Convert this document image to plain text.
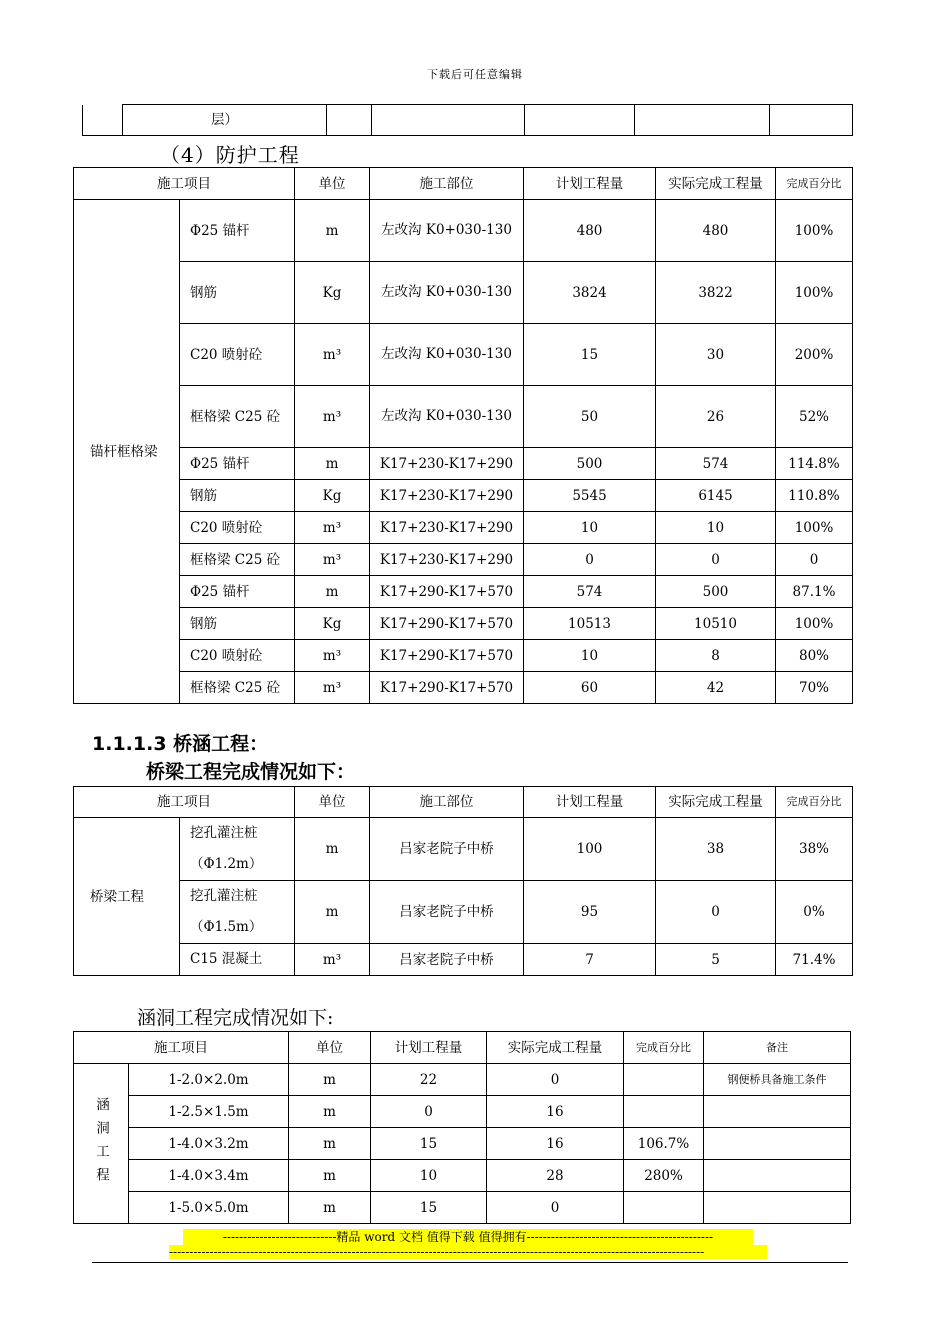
下载后可任意编辑
	层）					
（4）防护工程
施工项目		单位	施工部位	计划工程量	实际完成工程量	完成百分比
锚杆框格梁	Φ25 锚杆	m	左改沟 K0+030-130	480	480	100%
	钢筋	Kg	左改沟 K0+030-130	3824	3822	100%
	C20 喷射砼	m³	左改沟 K0+030-130	15	30	200%
	框格梁 C25 砼	m³	左改沟 K0+030-130	50	26	52%
	Φ25 锚杆	m	K17+230-K17+290	500	574	114.8%
	钢筋	Kg	K17+230-K17+290	5545	6145	110.8%
	C20 喷射砼	m³	K17+230-K17+290	10	10	100%
	框格梁 C25 砼	m³	K17+230-K17+290	0	0	0
	Φ25 锚杆	m	K17+290-K17+570	574	500	87.1%
	钢筋	Kg	K17+290-K17+570	10513	10510	100%
	C20 喷射砼	m³	K17+290-K17+570	10	8	80%
	框格梁 C25 砼	m³	K17+290-K17+570	60	42	70%
1.1.1.3 桥涵工程：
桥梁工程完成情况如下：
施工项目		单位	施工部位	计划工程量	实际完成工程量	完成百分比
桥梁工程	挖孔灌注桩（Φ1.2m）	m	吕家老院子中桥	100	38	38%
	挖孔灌注桩（Φ1.5m）	m	吕家老院子中桥	95	0	0%
	C15 混凝土	m³	吕家老院子中桥	7	5	71.4%
涵洞工程完成情况如下:
施工项目		单位	计划工程量	实际完成工程量	完成百分比	备注
涵洞工程	1-2.0×2.0m	m	22	0		钢便桥具备施工条件
	1-2.5×1.5m	m	0	16		
	1-4.0×3.2m	m	15	16	106.7%	
	1-4.0×3.4m	m	10	28	280%	
	1-5.0×5.0m	m	15	0		
----------------------------精品 word 文档 值得下载 值得拥有----------------------------------------------
------------------------------------------------------------------------------------------------------------------------------------
